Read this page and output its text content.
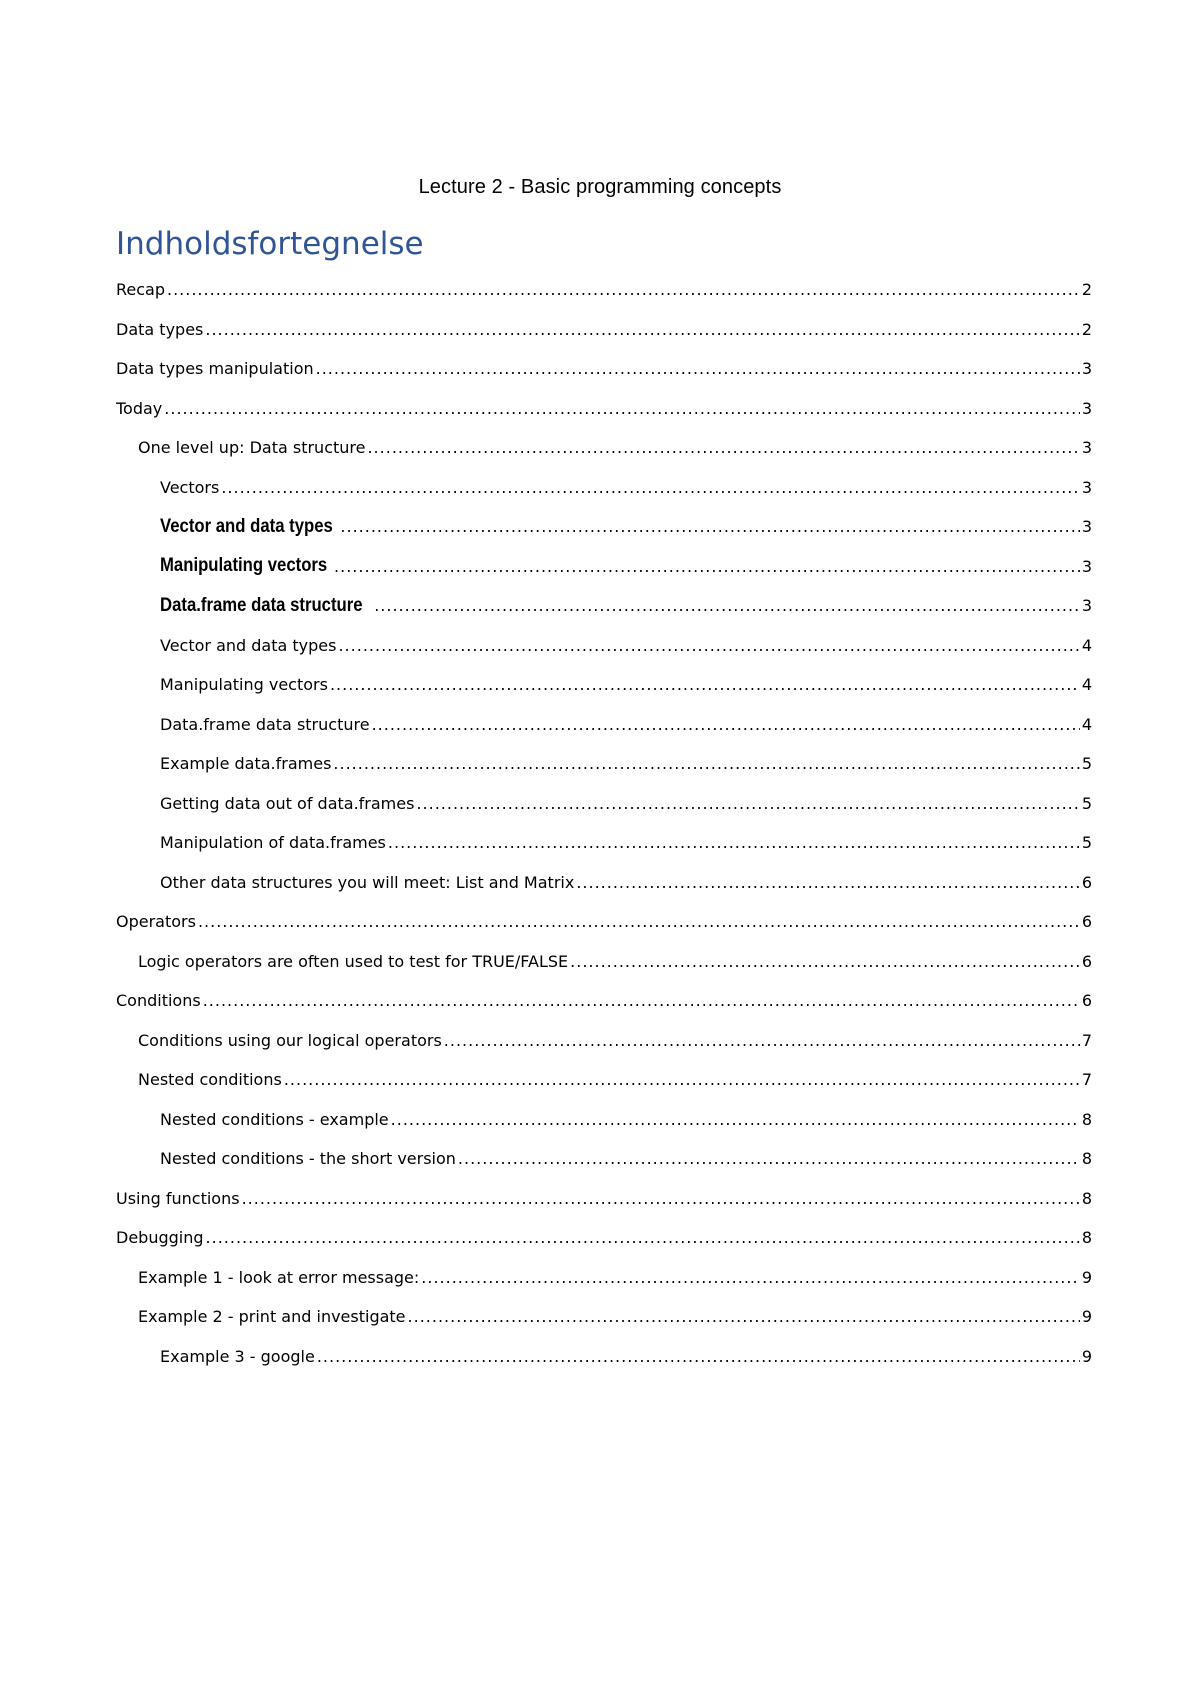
Lecture 2 - Basic programming concepts
Indholdsfortegnelse
Recap .....	2
Data types .....	2
Data types manipulation .....	3
Today .....	3
One level up: Data structure .....	3
Vectors .....	3
Vector and data types .....	3
Manipulating vectors .....	3
Data.frame data structure .....	3
Vector and data types .....	4
Manipulating vectors .....	4
Data.frame data structure .....	4
Example data.frames .....	5
Getting data out of data.frames .....	5
Manipulation of data.frames .....	5
Other data structures you will meet: List and Matrix .....	6
Operators .....	6
Logic operators are often used to test for TRUE/FALSE .....	6
Conditions .....	6
Conditions using our logical operators .....	7
Nested conditions .....	7
Nested conditions - example .....	8
Nested conditions - the short version .....	8
Using functions .....	8
Debugging .....	8
Example 1 - look at error message: .....	9
Example 2 - print and investigate .....	9
Example 3 - google .....	9
